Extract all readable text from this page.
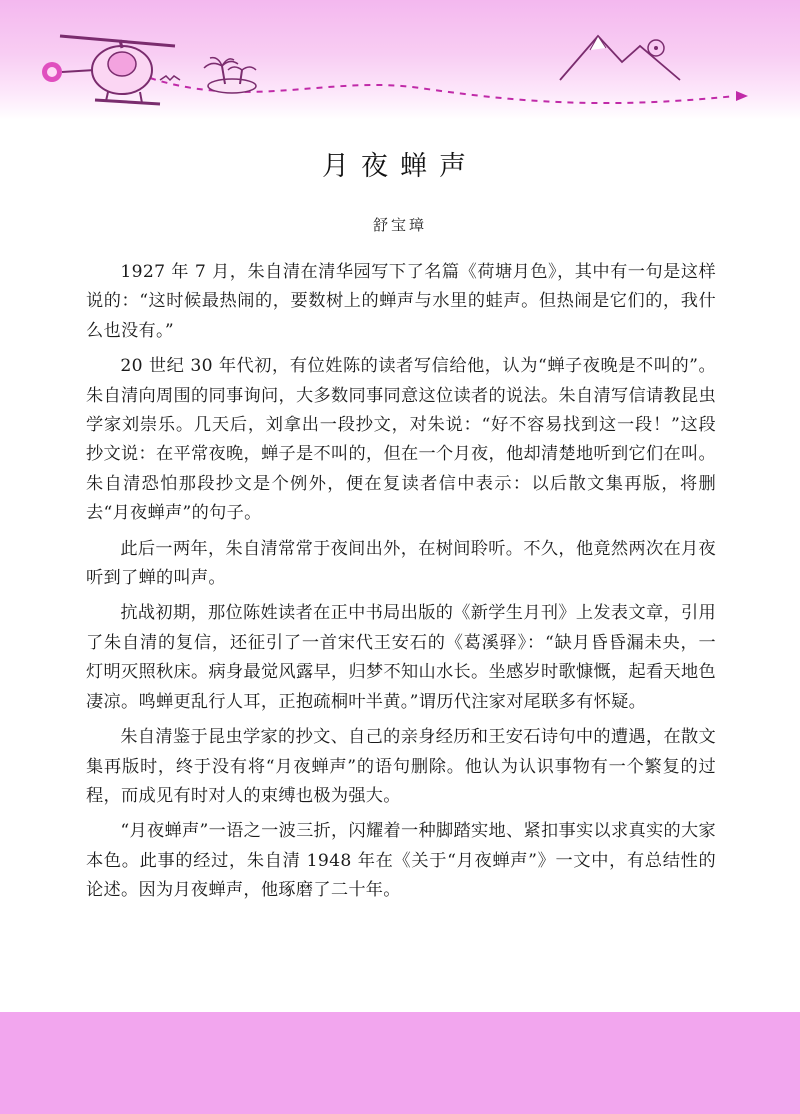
月夜蝉声
舒宝璋

1927 年 7 月，朱自清在清华园写下了名篇《荷塘月色》，其中有一句是这样说的：“这时候最热闹的，要数树上的蝉声与水里的蛙声。但热闹是它们的，我什么也没有。”

20 世纪 30 年代初，有位姓陈的读者写信给他，认为“蝉子夜晚是不叫的”。朱自清向周围的同事询问，大多数同事同意这位读者的说法。朱自清写信请教昆虫学家刘崇乐。几天后，刘拿出一段抄文，对朱说：“好不容易找到这一段！”这段抄文说：在平常夜晚，蝉子是不叫的，但在一个月夜，他却清楚地听到它们在叫。朱自清恐怕那段抄文是个例外，便在复读者信中表示：以后散文集再版，将删去“月夜蝉声”的句子。

此后一两年，朱自清常常于夜间出外，在树间聆听。不久，他竟然两次在月夜听到了蝉的叫声。

抗战初期，那位陈姓读者在正中书局出版的《新学生月刊》上发表文章，引用了朱自清的复信，还征引了一首宋代王安石的《葛溪驿》：“缺月昏昏漏未央，一灯明灭照秋床。病身最觉风露早，归梦不知山水长。坐感岁时歌慷慨，起看天地色凄凉。鸣蝉更乱行人耳，正抱疏桐叶半黄。”谓历代注家对尾联多有怀疑。

朱自清鉴于昆虫学家的抄文、自己的亲身经历和王安石诗句中的遭遇，在散文集再版时，终于没有将“月夜蝉声”的语句删除。他认为认识事物有一个繁复的过程，而成见有时对人的束缚也极为强大。

“月夜蝉声”一语之一波三折，闪耀着一种脚踏实地、紧扣事实以求真实的大家本色。此事的经过，朱自清 1948 年在《关于“月夜蝉声”》一文中，有总结性的论述。因为月夜蝉声，他琢磨了二十年。
